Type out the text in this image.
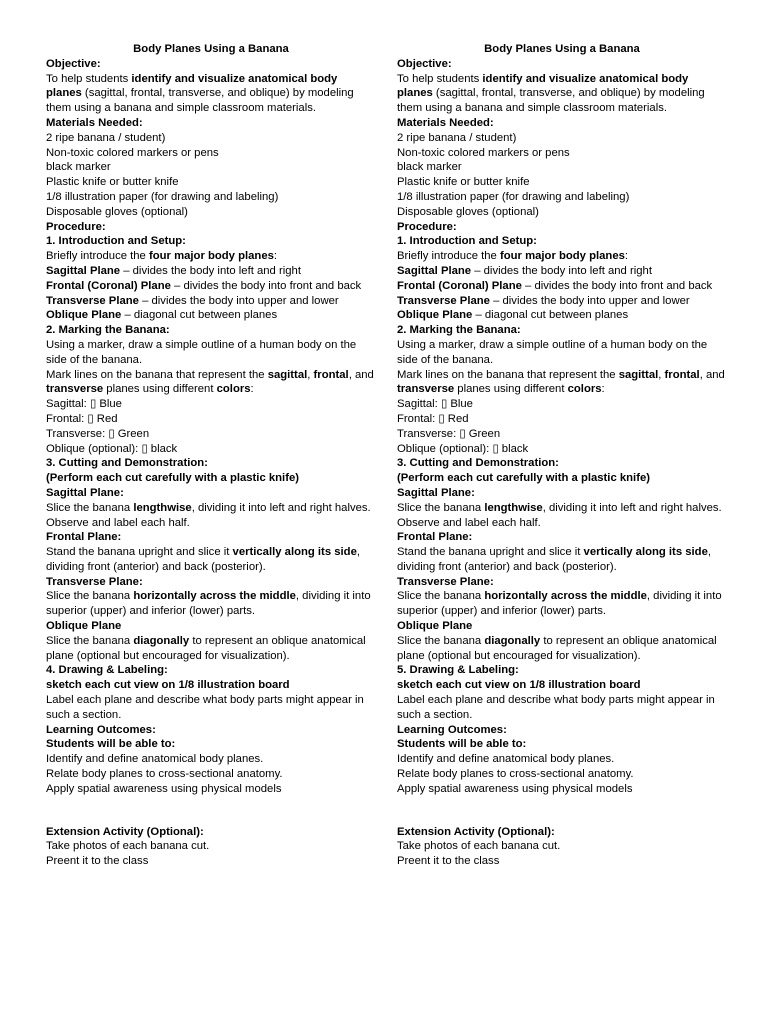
Body Planes Using a Banana
Objective:
To help students identify and visualize anatomical body planes (sagittal, frontal, transverse, and oblique) by modeling them using a banana and simple classroom materials.
Materials Needed:
2 ripe banana / student)
Non-toxic colored markers or pens
black marker
Plastic knife or butter knife
1/8 illustration paper (for drawing and labeling)
Disposable gloves (optional)
Procedure:
1. Introduction and Setup:
Briefly introduce the four major body planes:
Sagittal Plane – divides the body into left and right
Frontal (Coronal) Plane – divides the body into front and back
Transverse Plane – divides the body into upper and lower
Oblique Plane – diagonal cut between planes
2. Marking the Banana:
Using a marker, draw a simple outline of a human body on the side of the banana.
Mark lines on the banana that represent the sagittal, frontal, and transverse planes using different colors:
Sagittal: ▯ Blue
Frontal: ▯ Red
Transverse: ▯ Green
Oblique (optional): ▯ black
3. Cutting and Demonstration:
(Perform each cut carefully with a plastic knife)
Sagittal Plane:
Slice the banana lengthwise, dividing it into left and right halves.
Observe and label each half.
Frontal Plane:
Stand the banana upright and slice it vertically along its side, dividing front (anterior) and back (posterior).
Transverse Plane:
Slice the banana horizontally across the middle, dividing it into superior (upper) and inferior (lower) parts.
Oblique Plane
Slice the banana diagonally to represent an oblique anatomical plane (optional but encouraged for visualization).
4. Drawing & Labeling:
sketch each cut view on 1/8 illustration board
Label each plane and describe what body parts might appear in such a section.
Learning Outcomes:
Students will be able to:
Identify and define anatomical body planes.
Relate body planes to cross-sectional anatomy.
Apply spatial awareness using physical models
Extension Activity (Optional):
Take photos of each banana cut.
Preent it to the class
Body Planes Using a Banana
Objective:
To help students identify and visualize anatomical body planes (sagittal, frontal, transverse, and oblique) by modeling them using a banana and simple classroom materials.
Materials Needed:
2 ripe banana / student)
Non-toxic colored markers or pens
black marker
Plastic knife or butter knife
1/8 illustration paper (for drawing and labeling)
Disposable gloves (optional)
Procedure:
1. Introduction and Setup:
Briefly introduce the four major body planes:
Sagittal Plane – divides the body into left and right
Frontal (Coronal) Plane – divides the body into front and back
Transverse Plane – divides the body into upper and lower
Oblique Plane – diagonal cut between planes
2. Marking the Banana:
Using a marker, draw a simple outline of a human body on the side of the banana.
Mark lines on the banana that represent the sagittal, frontal, and transverse planes using different colors:
Sagittal: ▯ Blue
Frontal: ▯ Red
Transverse: ▯ Green
Oblique (optional): ▯ black
3. Cutting and Demonstration:
(Perform each cut carefully with a plastic knife)
Sagittal Plane:
Slice the banana lengthwise, dividing it into left and right halves.
Observe and label each half.
Frontal Plane:
Stand the banana upright and slice it vertically along its side, dividing front (anterior) and back (posterior).
Transverse Plane:
Slice the banana horizontally across the middle, dividing it into superior (upper) and inferior (lower) parts.
Oblique Plane
Slice the banana diagonally to represent an oblique anatomical plane (optional but encouraged for visualization).
5. Drawing & Labeling:
sketch each cut view on 1/8 illustration board
Label each plane and describe what body parts might appear in such a section.
Learning Outcomes:
Students will be able to:
Identify and define anatomical body planes.
Relate body planes to cross-sectional anatomy.
Apply spatial awareness using physical models
Extension Activity (Optional):
Take photos of each banana cut.
Preent it to the class
